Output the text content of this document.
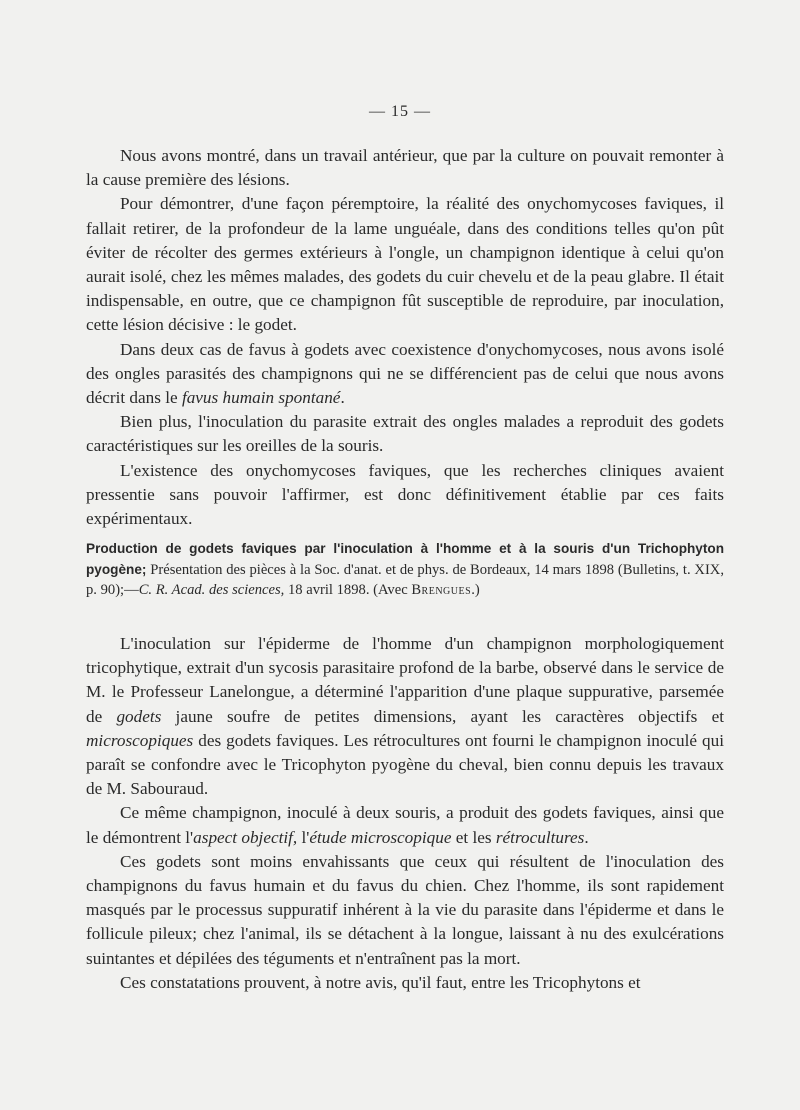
— 15 —

Nous avons montré, dans un travail antérieur, que par la culture on pouvait remonter à la cause première des lésions.

Pour démontrer, d'une façon péremptoire, la réalité des onychomycoses faviques, il fallait retirer, de la profondeur de la lame unguéale, dans des conditions telles qu'on pût éviter de récolter des germes extérieurs à l'ongle, un champignon identique à celui qu'on aurait isolé, chez les mêmes malades, des godets du cuir chevelu et de la peau glabre. Il était indispensable, en outre, que ce champignon fût susceptible de reproduire, par inoculation, cette lésion décisive : le godet.

Dans deux cas de favus à godets avec coexistence d'onychomycoses, nous avons isolé des ongles parasités des champignons qui ne se différencient pas de celui que nous avons décrit dans le favus humain spontané.

Bien plus, l'inoculation du parasite extrait des ongles malades a reproduit des godets caractéristiques sur les oreilles de la souris.

L'existence des onychomycoses faviques, que les recherches cliniques avaient pressentie sans pouvoir l'affirmer, est donc définitivement établie par ces faits expérimentaux.

Production de godets faviques par l'inoculation à l'homme et à la souris d'un Trichophyton pyogène; Présentation des pièces à la Soc. d'anat. et de phys. de Bordeaux, 14 mars 1898 (Bulletins, t. XIX, p. 90);—C. R. Acad. des sciences, 18 avril 1898. (Avec Brengues.)

L'inoculation sur l'épiderme de l'homme d'un champignon morphologiquement tricophytique, extrait d'un sycosis parasitaire profond de la barbe, observé dans le service de M. le Professeur Lanelongue, a déterminé l'apparition d'une plaque suppurative, parsemée de godets jaune soufre de petites dimensions, ayant les caractères objectifs et microscopiques des godets faviques. Les rétrocultures ont fourni le champignon inoculé qui paraît se confondre avec le Tricophyton pyogène du cheval, bien connu depuis les travaux de M. Sabouraud.

Ce même champignon, inoculé à deux souris, a produit des godets faviques, ainsi que le démontrent l'aspect objectif, l'étude microscopique et les rétrocultures.

Ces godets sont moins envahissants que ceux qui résultent de l'inoculation des champignons du favus humain et du favus du chien. Chez l'homme, ils sont rapidement masqués par le processus suppuratif inhérent à la vie du parasite dans l'épiderme et dans le follicule pileux; chez l'animal, ils se détachent à la longue, laissant à nu des exulcérations suintantes et dépilées des téguments et n'entraînent pas la mort.

Ces constatations prouvent, à notre avis, qu'il faut, entre les Tricophytons et
